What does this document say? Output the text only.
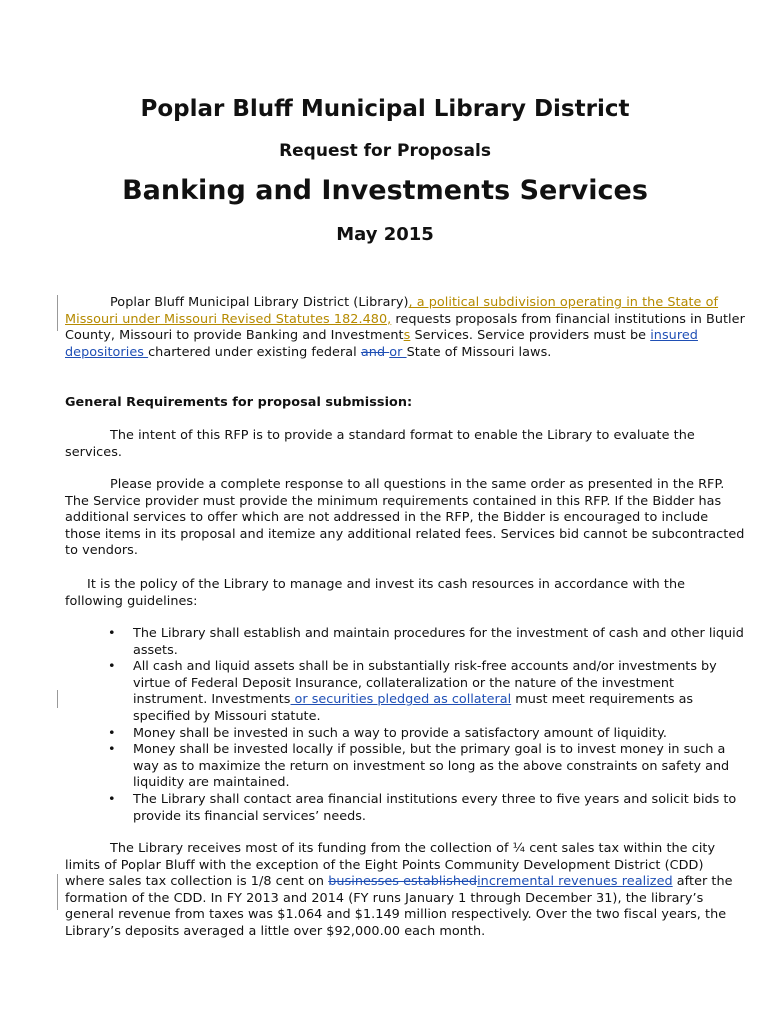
Poplar Bluff Municipal Library District
Request for Proposals
Banking and Investments Services
May 2015
Poplar Bluff Municipal Library District (Library), a political subdivision operating in the State of Missouri under Missouri Revised Statutes 182.480, requests proposals from financial institutions in Butler County, Missouri to provide Banking and Investments Services. Service providers must be insured depositories chartered under existing federal and or State of Missouri laws.
General Requirements for proposal submission:
The intent of this RFP is to provide a standard format to enable the Library to evaluate the services.
Please provide a complete response to all questions in the same order as presented in the RFP. The Service provider must provide the minimum requirements contained in this RFP. If the Bidder has additional services to offer which are not addressed in the RFP, the Bidder is encouraged to include those items in its proposal and itemize any additional related fees. Services bid cannot be subcontracted to vendors.
It is the policy of the Library to manage and invest its cash resources in accordance with the following guidelines:
• The Library shall establish and maintain procedures for the investment of cash and other liquid assets.
• All cash and liquid assets shall be in substantially risk-free accounts and/or investments by virtue of Federal Deposit Insurance, collateralization or the nature of the investment instrument. Investments or securities pledged as collateral must meet requirements as specified by Missouri statute.
• Money shall be invested in such a way to provide a satisfactory amount of liquidity.
• Money shall be invested locally if possible, but the primary goal is to invest money in such a way as to maximize the return on investment so long as the above constraints on safety and liquidity are maintained.
• The Library shall contact area financial institutions every three to five years and solicit bids to provide its financial services’ needs.
The Library receives most of its funding from the collection of ¼ cent sales tax within the city limits of Poplar Bluff with the exception of the Eight Points Community Development District (CDD) where sales tax collection is 1/8 cent on businesses establishedincremental revenues realized after the formation of the CDD. In FY 2013 and 2014 (FY runs January 1 through December 31), the library’s general revenue from taxes was $1.064 and $1.149 million respectively. Over the two fiscal years, the Library’s deposits averaged a little over $92,000.00 each month.
